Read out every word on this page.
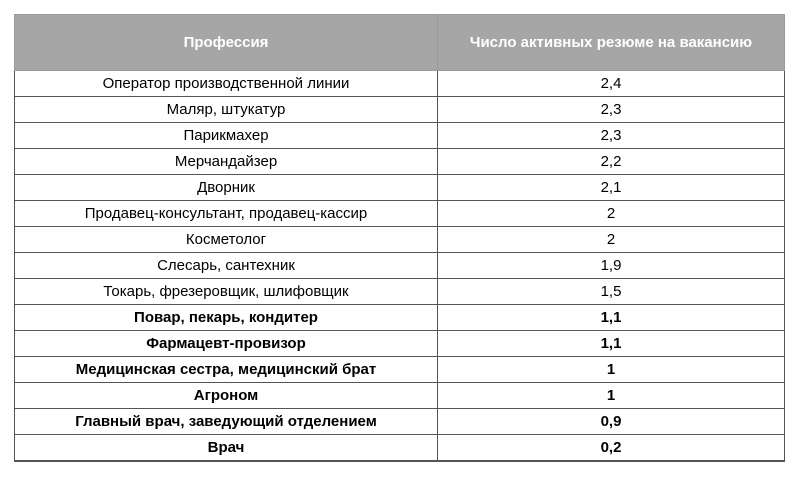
Профессия	Число активных резюме на вакансию
Оператор производственной линии	2,4
Маляр, штукатур	2,3
Парикмахер	2,3
Мерчандайзер	2,2
Дворник	2,1
Продавец-консультант, продавец-кассир	2
Косметолог	2
Слесарь, сантехник	1,9
Токарь, фрезеровщик, шлифовщик	1,5
Повар, пекарь, кондитер	1,1
Фармацевт-провизор	1,1
Медицинская сестра, медицинский брат	1
Агроном	1
Главный врач, заведующий отделением	0,9
Врач	0,2
